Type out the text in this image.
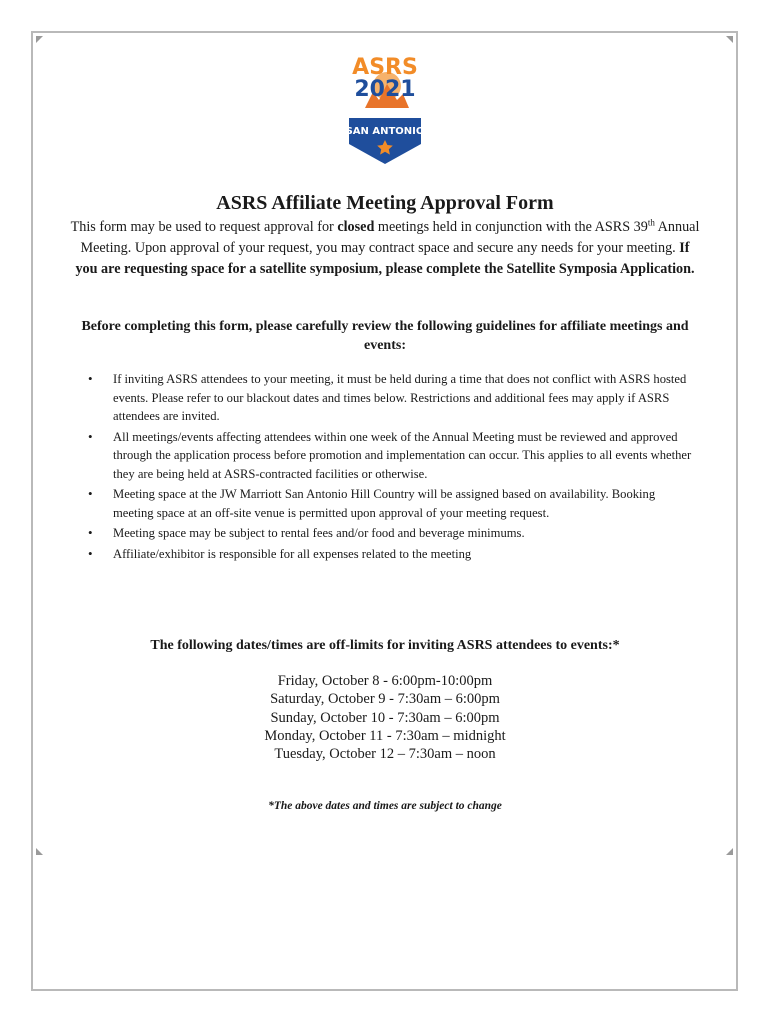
ASRS
2021
SAN ANTONIO
ASRS Affiliate Meeting Approval Form
This form may be used to request approval for closed meetings held in conjunction with the ASRS 39th Annual Meeting. Upon approval of your request, you may contract space and secure any needs for your meeting. If you are requesting space for a satellite symposium, please complete the Satellite Symposia Application.
Before completing this form, please carefully review the following guidelines for affiliate meetings and events:
• If inviting ASRS attendees to your meeting, it must be held during a time that does not conflict with ASRS hosted events. Please refer to our blackout dates and times below. Restrictions and additional fees may apply if ASRS attendees are invited.
• All meetings/events affecting attendees within one week of the Annual Meeting must be reviewed and approved through the application process before promotion and implementation can occur. This applies to all events whether they are being held at ASRS-contracted facilities or otherwise.
• Meeting space at the JW Marriott San Antonio Hill Country will be assigned based on availability. Booking meeting space at an off-site venue is permitted upon approval of your meeting request.
• Meeting space may be subject to rental fees and/or food and beverage minimums.
• Affiliate/exhibitor is responsible for all expenses related to the meeting
The following dates/times are off-limits for inviting ASRS attendees to events:*
Friday, October 8 - 6:00pm-10:00pm
Saturday, October 9 - 7:30am – 6:00pm
Sunday, October 10 - 7:30am – 6:00pm
Monday, October 11 - 7:30am – midnight
Tuesday, October 12 – 7:30am – noon
*The above dates and times are subject to change
